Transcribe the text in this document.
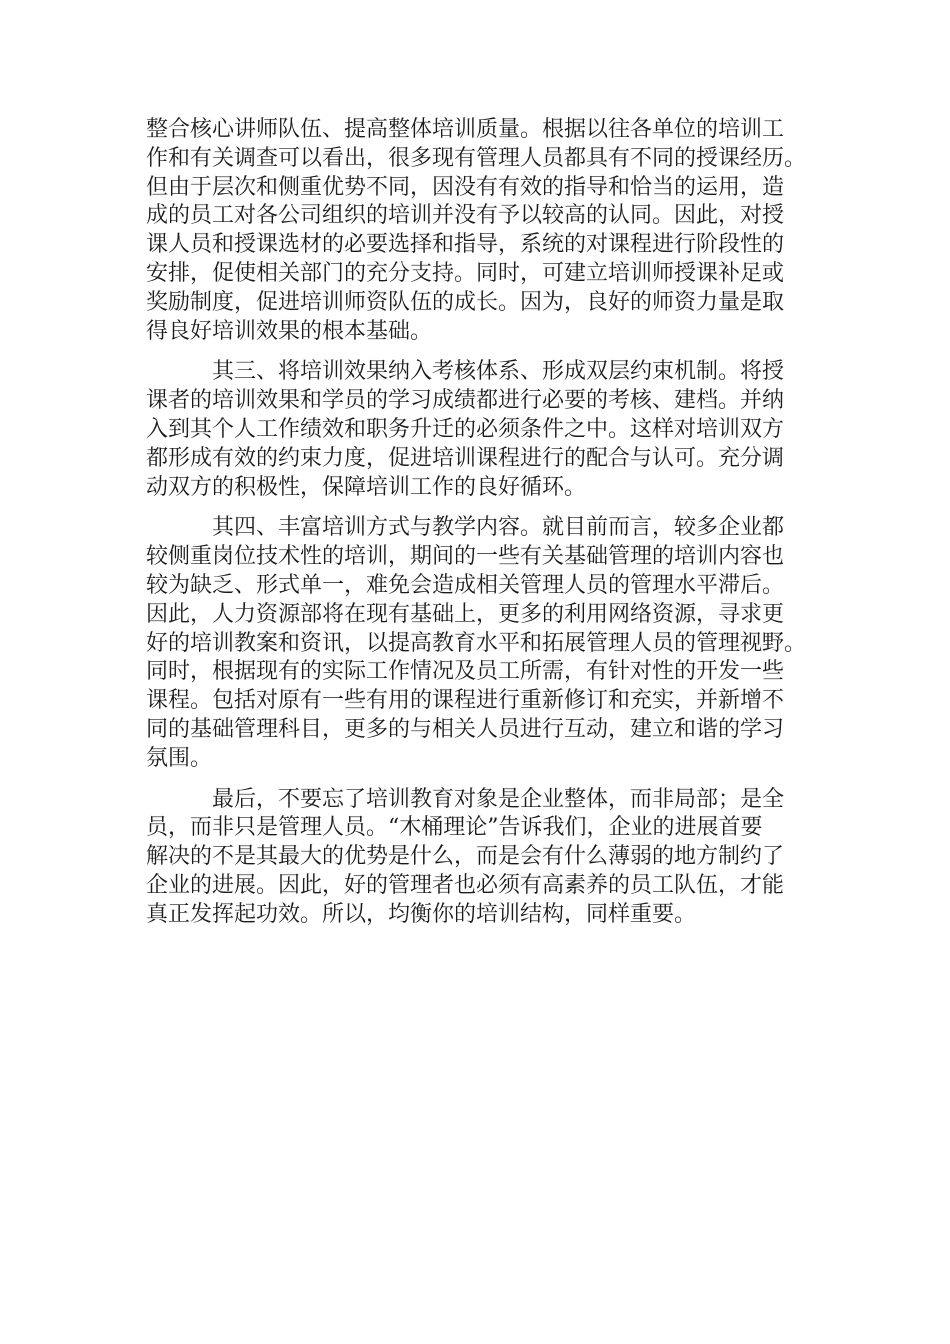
整合核心讲师队伍、提高整体培训质量。根据以往各单位的培训工
作和有关调查可以看出，很多现有管理人员都具有不同的授课经历。
但由于层次和侧重优势不同，因没有有效的指导和恰当的运用，造
成的员工对各公司组织的培训并没有予以较高的认同。因此，对授
课人员和授课选材的必要选择和指导，系统的对课程进行阶段性的
安排，促使相关部门的充分支持。同时，可建立培训师授课补足或
奖励制度，促进培训师资队伍的成长。因为，良好的师资力量是取
得良好培训效果的根本基础。
其三、将培训效果纳入考核体系、形成双层约束机制。将授
课者的培训效果和学员的学习成绩都进行必要的考核、建档。并纳
入到其个人工作绩效和职务升迁的必须条件之中。这样对培训双方
都形成有效的约束力度，促进培训课程进行的配合与认可。充分调
动双方的积极性，保障培训工作的良好循环。
其四、丰富培训方式与教学内容。就目前而言，较多企业都
较侧重岗位技术性的培训，期间的一些有关基础管理的培训内容也
较为缺乏、形式单一，难免会造成相关管理人员的管理水平滞后。
因此，人力资源部将在现有基础上，更多的利用网络资源，寻求更
好的培训教案和资讯，以提高教育水平和拓展管理人员的管理视野。
同时，根据现有的实际工作情况及员工所需，有针对性的开发一些
课程。包括对原有一些有用的课程进行重新修订和充实，并新增不
同的基础管理科目，更多的与相关人员进行互动，建立和谐的学习
氛围。
最后，不要忘了培训教育对象是企业整体，而非局部；是全
员，而非只是管理人员。“木桶理论”告诉我们，企业的进展首要
解决的不是其最大的优势是什么，而是会有什么薄弱的地方制约了
企业的进展。因此，好的管理者也必须有高素养的员工队伍，才能
真正发挥起功效。所以，均衡你的培训结构，同样重要。
